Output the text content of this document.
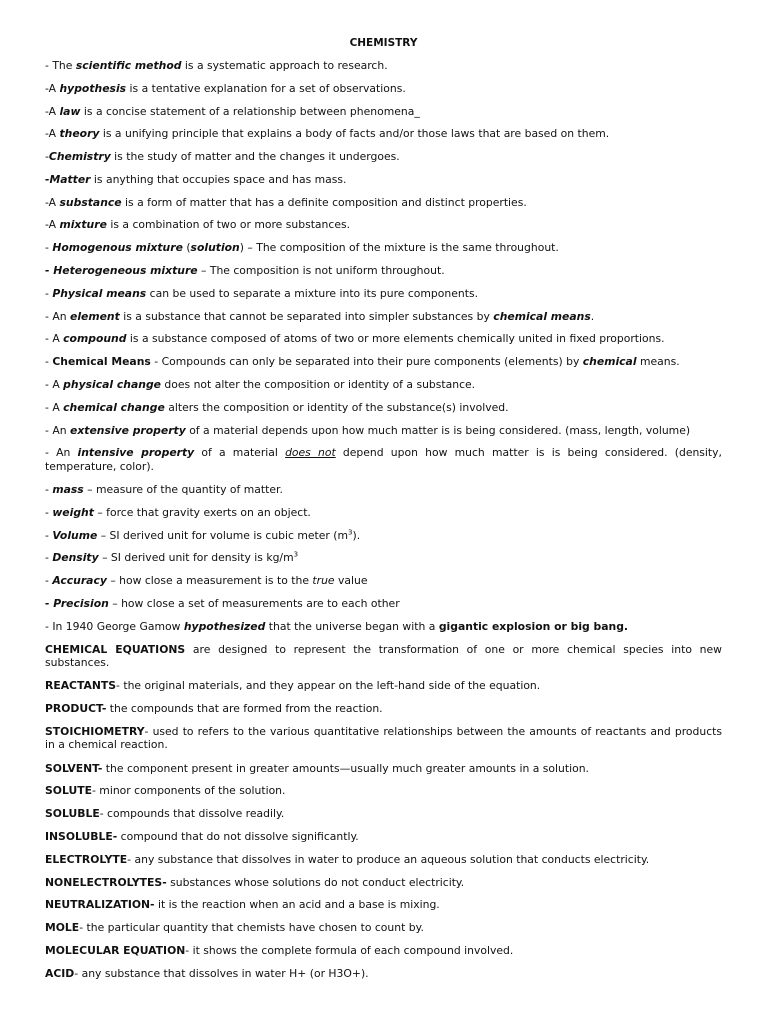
CHEMISTRY
- The scientific method is a systematic approach to research.
-A hypothesis is a tentative explanation for a set of observations.
-A law is a concise statement of a relationship between phenomena_
-A theory is a unifying principle that explains a body of facts and/or those laws that are based on them.
-Chemistry is the study of matter and the changes it undergoes.
-Matter is anything that occupies space and has mass.
-A substance is a form of matter that has a definite composition and distinct properties.
-A mixture is a combination of two or more substances.
- Homogenous mixture (solution) – The composition of the mixture is the same throughout.
- Heterogeneous mixture – The composition is not uniform throughout.
- Physical means can be used to separate a mixture into its pure components.
- An element is a substance that cannot be separated into simpler substances by chemical means.
- A compound is a substance composed of atoms of two or more elements chemically united in fixed proportions.
- Chemical Means - Compounds can only be separated into their pure components (elements) by chemical means.
- A physical change does not alter the composition or identity of a substance.
- A chemical change alters the composition or identity of the substance(s) involved.
- An extensive property of a material depends upon how much matter is is being considered. (mass, length, volume)
- An intensive property of a material does not depend upon how much matter is is being considered. (density, temperature, color).
- mass – measure of the quantity of matter.
- weight – force that gravity exerts on an object.
- Volume – SI derived unit for volume is cubic meter $(m^3)$.
- Density – SI derived unit for density is $kg/m^3$
- Accuracy – how close a measurement is to the true value
- Precision – how close a set of measurements are to each other
- In 1940 George Gamow hypothesized that the universe began with a gigantic explosion or big bang.
CHEMICAL EQUATIONS are designed to represent the transformation of one or more chemical species into new substances.
REACTANTS- the original materials, and they appear on the left-hand side of the equation.
PRODUCT- the compounds that are formed from the reaction.
STOICHIOMETRY- used to refers to the various quantitative relationships between the amounts of reactants and products in a chemical reaction.
SOLVENT- the component present in greater amounts—usually much greater amounts in a solution.
SOLUTE- minor components of the solution.
SOLUBLE- compounds that dissolve readily.
INSOLUBLE- compound that do not dissolve significantly.
ELECTROLYTE- any substance that dissolves in water to produce an aqueous solution that conducts electricity.
NONELECTROLYTES- substances whose solutions do not conduct electricity.
NEUTRALIZATION- it is the reaction when an acid and a base is mixing.
MOLE- the particular quantity that chemists have chosen to count by.
MOLECULAR EQUATION- it shows the complete formula of each compound involved.
ACID- any substance that dissolves in water H+ (or H3O+).
